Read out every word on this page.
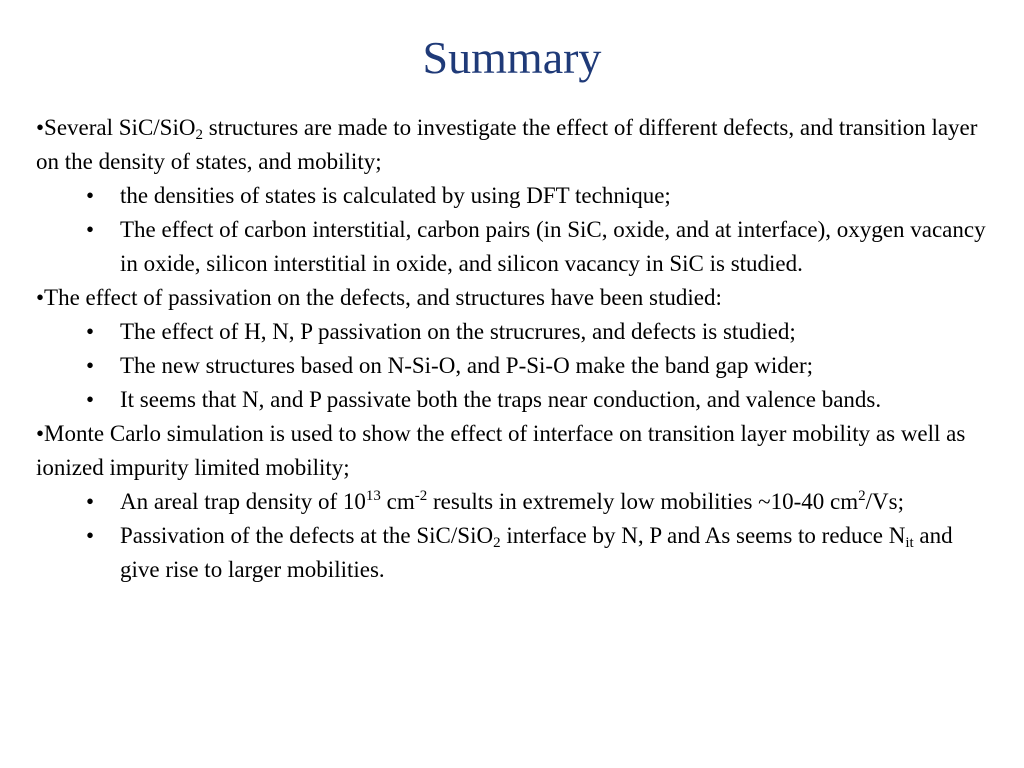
Summary
•Several SiC/SiO$_2$ structures are made to investigate the effect of different defects, and transition layer on the density of states, and mobility;
• the densities of states is calculated by using DFT technique;
• The effect of carbon interstitial, carbon pairs (in SiC, oxide, and at interface), oxygen vacancy in oxide, silicon interstitial in oxide, and silicon vacancy in SiC is studied.
•The effect of passivation on the defects, and structures have been studied:
• The effect of H, N, P passivation on the strucrures, and defects is studied;
• The new structures based on N-Si-O, and P-Si-O make the band gap wider;
• It seems that N, and P passivate both the traps near conduction, and valence bands.
•Monte Carlo simulation is used to show the effect of interface on transition layer mobility as well as ionized impurity limited mobility;
• An areal trap density of $10^{13}$ $cm^{-2}$ results in extremely low mobilities ~10-40 $cm^2/Vs$;
• Passivation of the defects at the SiC/SiO$_2$ interface by N, P and As seems to reduce $N_{it}$ and give rise to larger mobilities.
